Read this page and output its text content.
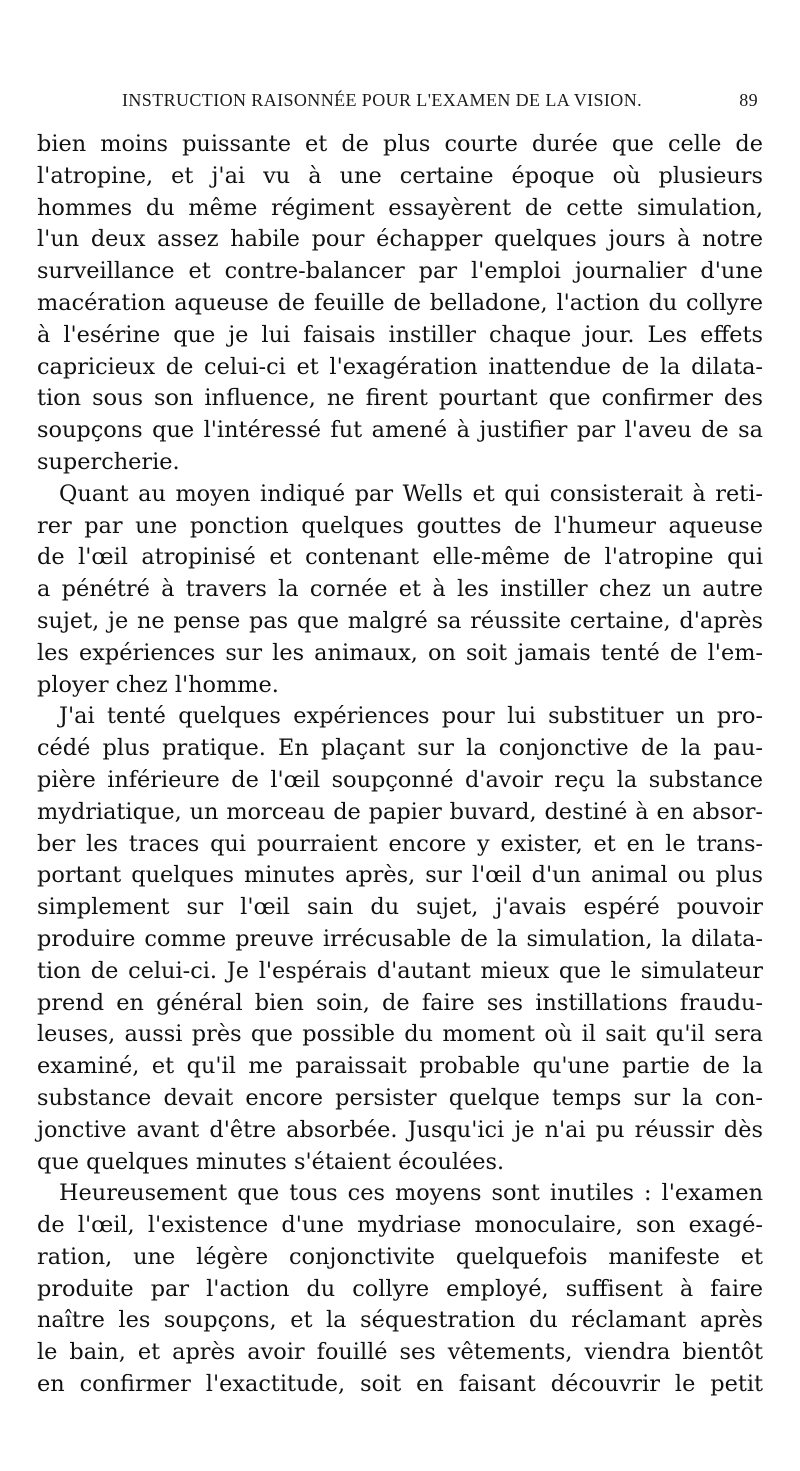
INSTRUCTION RAISONNÉE POUR L'EXAMEN DE LA VISION.	89
bien moins puissante et de plus courte durée que celle de
l'atropine, et j'ai vu à une certaine époque où plusieurs
hommes du même régiment essayèrent de cette simulation,
l'un deux assez habile pour échapper quelques jours à notre
surveillance et contre-balancer par l'emploi journalier d'une
macération aqueuse de feuille de belladone, l'action du collyre
à l'esérine que je lui faisais instiller chaque jour. Les effets
capricieux de celui-ci et l'exagération inattendue de la dilata-
tion sous son influence, ne firent pourtant que confirmer des
soupçons que l'intéressé fut amené à justifier par l'aveu de sa
supercherie.
Quant au moyen indiqué par Wells et qui consisterait à reti-
rer par une ponction quelques gouttes de l'humeur aqueuse
de l'œil atropinisé et contenant elle-même de l'atropine qui
a pénétré à travers la cornée et à les instiller chez un autre
sujet, je ne pense pas que malgré sa réussite certaine, d'après
les expériences sur les animaux, on soit jamais tenté de l'em-
ployer chez l'homme.
J'ai tenté quelques expériences pour lui substituer un pro-
cédé plus pratique. En plaçant sur la conjonctive de la pau-
pière inférieure de l'œil soupçonné d'avoir reçu la substance
mydriatique, un morceau de papier buvard, destiné à en absor-
ber les traces qui pourraient encore y exister, et en le trans-
portant quelques minutes après, sur l'œil d'un animal ou plus
simplement sur l'œil sain du sujet, j'avais espéré pouvoir
produire comme preuve irrécusable de la simulation, la dilata-
tion de celui-ci. Je l'espérais d'autant mieux que le simulateur
prend en général bien soin, de faire ses instillations fraudu-
leuses, aussi près que possible du moment où il sait qu'il sera
examiné, et qu'il me paraissait probable qu'une partie de la
substance devait encore persister quelque temps sur la con-
jonctive avant d'être absorbée. Jusqu'ici je n'ai pu réussir dès
que quelques minutes s'étaient écoulées.
Heureusement que tous ces moyens sont inutiles : l'examen
de l'œil, l'existence d'une mydriase monoculaire, son exagé-
ration, une légère conjonctivite quelquefois manifeste et
produite par l'action du collyre employé, suffisent à faire
naître les soupçons, et la séquestration du réclamant après
le bain, et après avoir fouillé ses vêtements, viendra bientôt
en confirmer l'exactitude, soit en faisant découvrir le petit
